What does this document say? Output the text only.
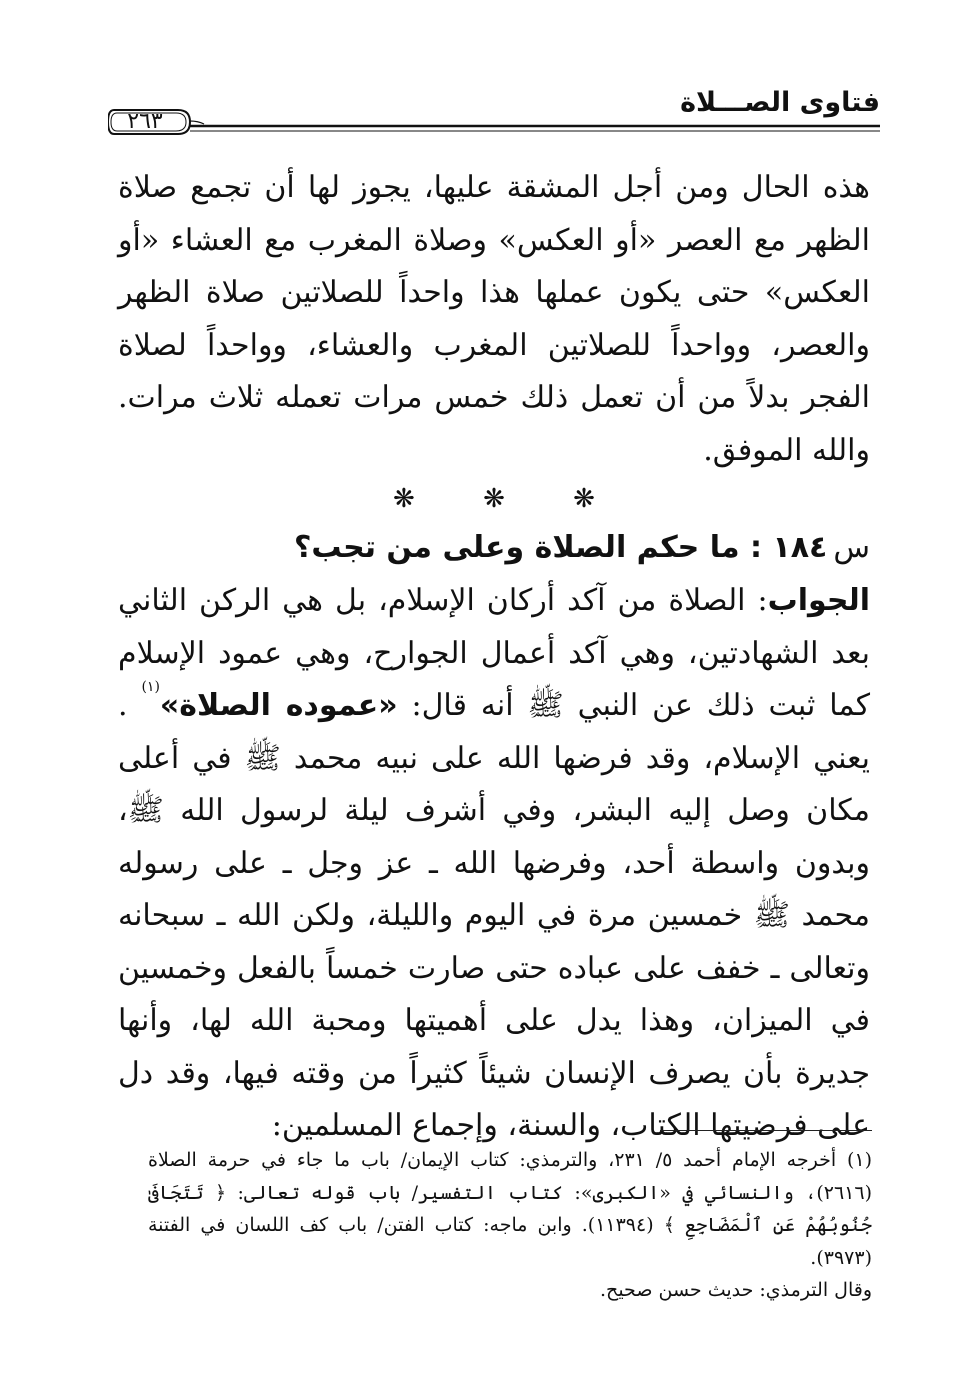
٢٦٣
فتاوى الصـــلاة

هذه الحال ومن أجل المشقة عليها، يجوز لها أن تجمع صلاة الظهر مع العصر «أو العكس» وصلاة المغرب مع العشاء «أو العكس» حتى يكون عملها هذا واحداً للصلاتين صلاة الظهر والعصر، وواحداً للصلاتين المغرب والعشاء، وواحداً لصلاة الفجر بدلاً من أن تعمل ذلك خمس مرات تعمله ثلاث مرات. والله الموفق.

❋ ❋ ❋

س١٨٤ : ما حكم الصلاة وعلى من تجب؟

الجواب: الصلاة من آكد أركان الإسلام، بل هي الركن الثاني بعد الشهادتين، وهي آكد أعمال الجوارح، وهي عمود الإسلام كما ثبت ذلك عن النبي ﷺ أنه قال: «عموده الصلاة»$^{(١)}$ . يعني الإسلام، وقد فرضها الله على نبيه محمد ﷺ في أعلى مكان وصل إليه البشر، وفي أشرف ليلة لرسول الله ﷺ، وبدون واسطة أحد، وفرضها الله ـ عز وجل ـ على رسوله محمد ﷺ خمسين مرة في اليوم والليلة، ولكن الله ـ سبحانه وتعالى ـ خفف على عباده حتى صارت خمساً بالفعل وخمسين في الميزان، وهذا يدل على أهميتها ومحبة الله لها، وأنها جديرة بأن يصرف الإنسان شيئاً كثيراً من وقته فيها، وقد دل على فرضيتها الكتاب، والسنة، وإجماع المسلمين:

(١) أخرجه الإمام أحمد ٥/ ٢٣١، والترمذي: كتاب الإيمان/ باب ما جاء في حرمة الصلاة (٢٦١٦)، والنسائي في «الكبرى»: كتاب التفسير/ باب قوله تعالى: ﴿ تَتَجَافَىٰ جُنُوبُهُمْ عَنِ ٱلْمَضَاجِعِ ﴾ (١١٣٩٤). وابن ماجه: كتاب الفتن/ باب كف اللسان في الفتنة (٣٩٧٣).

وقال الترمذي: حديث حسن صحيح.
